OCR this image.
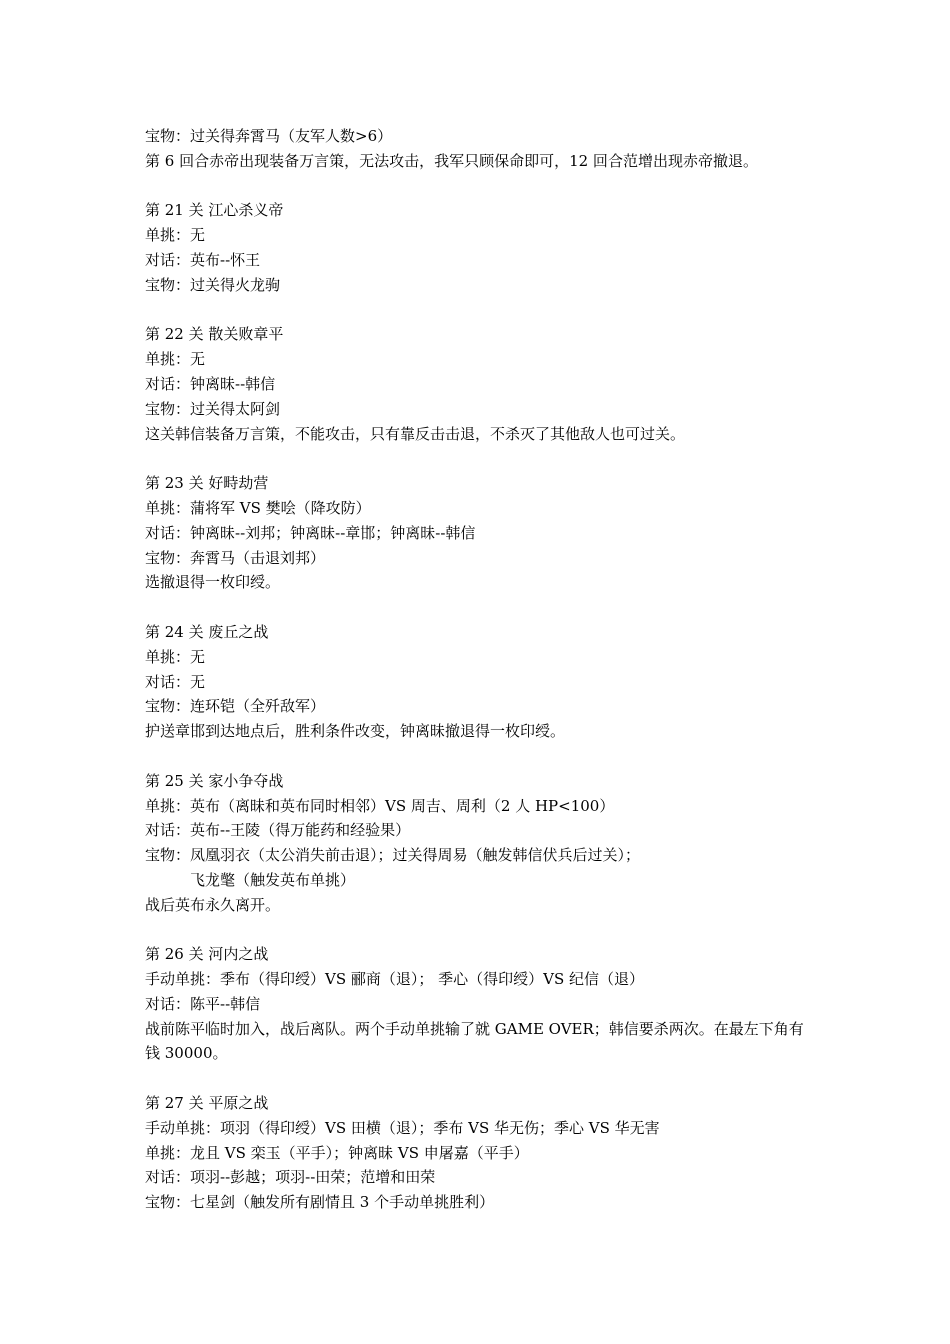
宝物：过关得奔霄马（友军人数>6）
第 6 回合赤帝出现装备万言策，无法攻击，我军只顾保命即可，12 回合范增出现赤帝撤退。
第 21 关 江心杀义帝
单挑：无
对话：英布--怀王
宝物：过关得火龙驹
第 22 关 散关败章平
单挑：无
对话：钟离昧--韩信
宝物：过关得太阿剑
这关韩信装备万言策，不能攻击，只有靠反击击退，不杀灭了其他敌人也可过关。
第 23 关 好畤劫营
单挑：蒲将军 VS 樊哙（降攻防）
对话：钟离昧--刘邦；钟离昧--章邯；钟离昧--韩信
宝物：奔霄马（击退刘邦）
选撤退得一枚印绶。
第 24 关 废丘之战
单挑：无
对话：无
宝物：连环铠（全歼敌军）
护送章邯到达地点后，胜利条件改变，钟离昧撤退得一枚印绶。
第 25 关 家小争夺战
单挑：英布（离昧和英布同时相邻）VS 周吉、周利（2 人 HP<100）
对话：英布--王陵（得万能药和经验果）
宝物：凤凰羽衣（太公消失前击退）；过关得周易（触发韩信伏兵后过关）；
飞龙氅（触发英布单挑）
战后英布永久离开。
第 26 关 河内之战
手动单挑：季布（得印绶）VS 郦商（退）； 季心（得印绶）VS 纪信（退）
对话：陈平--韩信
战前陈平临时加入，战后离队。两个手动单挑输了就 GAME OVER；韩信要杀两次。在最左下角有钱 30000。
第 27 关 平原之战
手动单挑：项羽（得印绶）VS 田横（退）；季布 VS 华无伤；季心 VS 华无害
单挑：龙且 VS 栾玉（平手）；钟离昧 VS 申屠嘉（平手）
对话：项羽--彭越；项羽--田荣；范增和田荣
宝物：七星剑（触发所有剧情且 3 个手动单挑胜利）
